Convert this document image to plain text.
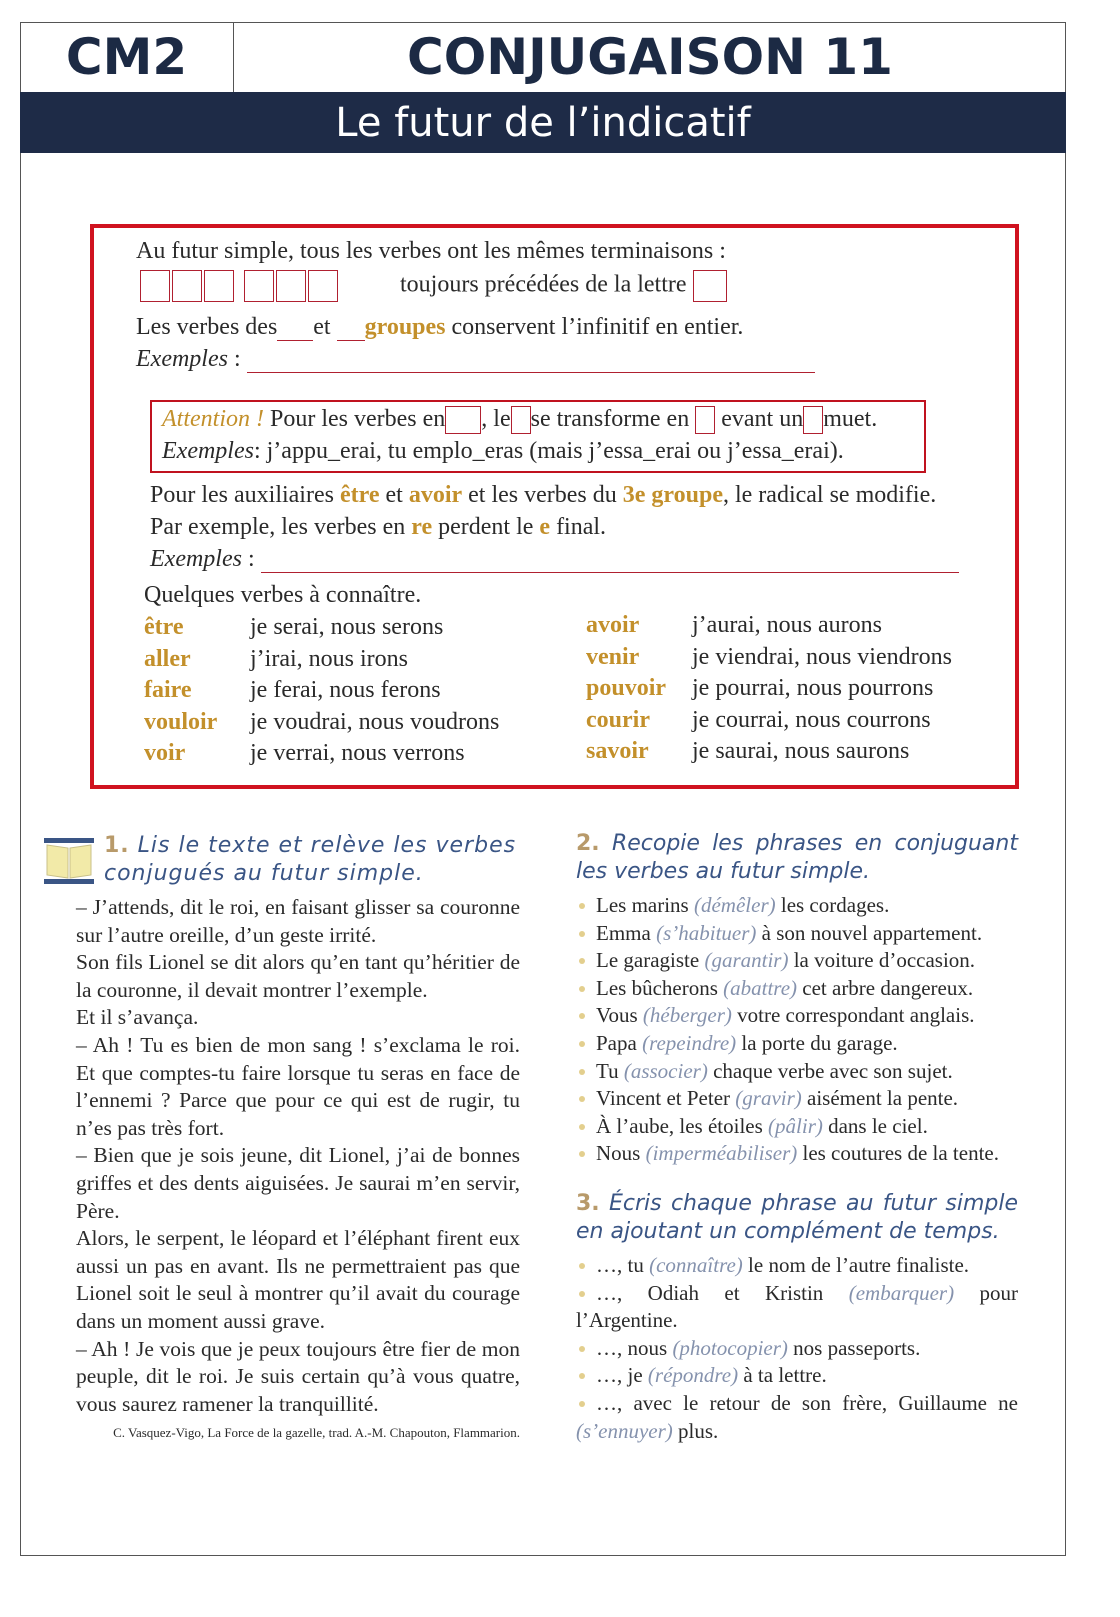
CM2	CONJUGAISON 11
Le futur de l’indicatif
Au futur simple, tous les verbes ont les mêmes terminaisons :
toujours précédées de la lettre
Les verbes des et groupes conservent l’infinitif en entier.
Exemples :
Attention ! Pour les verbes en , le se transforme en evant un muet.
Exemples: j’appu_erai, tu emplo_eras (mais j’essa_erai ou j’essa_erai).
Pour les auxiliaires être et avoir et les verbes du 3e groupe, le radical se modifie.
Par exemple, les verbes en re perdent le e final.
Exemples :
Quelques verbes à connaître.
être	je serai, nous serons
aller j’irai, nous irons
faire je ferai, nous ferons
vouloir je voudrai, nous voudrons
voir	je verrai, nous verrons
avoir j’aurai, nous aurons
venir je viendrai, nous viendrons
pouvoir je pourrai, nous pourrons
courir je courrai, nous courrons
savoir je saurai, nous saurons
1. Lis le texte et relève les verbes conjugués au futur simple.

– J’attends, dit le roi, en faisant glisser sa couronne sur l’autre oreille, d’un geste irrité.

Son fils Lionel se dit alors qu’en tant qu’héritier de la couronne, il devait montrer l’exemple.

Et il s’avança.

– Ah ! Tu es bien de mon sang ! s’exclama le roi. Et que comptes-tu faire lorsque tu seras en face de l’ennemi ? Parce que pour ce qui est de rugir, tu n’es pas très fort.

– Bien que je sois jeune, dit Lionel, j’ai de bonnes griffes et des dents aiguisées. Je saurai m’en servir, Père.

Alors, le serpent, le léopard et l’éléphant firent eux aussi un pas en avant. Ils ne permettraient pas que Lionel soit le seul à montrer qu’il avait du courage dans un moment aussi grave.

– Ah ! Je vois que je peux toujours être fier de mon peuple, dit le roi. Je suis certain qu’à vous quatre, vous saurez ramener la tranquillité.

C. Vasquez-Vigo, La Force de la gazelle, trad. A.-M. Chapouton, Flammarion.
2. Recopie les phrases en conjuguant les verbes au futur simple.
Les marins (démêler) les cordages.
Emma (s’habituer) à son nouvel appartement.
Le garagiste (garantir) la voiture d’occasion.
Les bûcherons (abattre) cet arbre dangereux.
Vous (héberger) votre correspondant anglais.
Papa (repeindre) la porte du garage.
Tu (associer) chaque verbe avec son sujet.
Vincent et Peter (gravir) aisément la pente.
À l’aube, les étoiles (pâlir) dans le ciel.
Nous (imperméabiliser) les coutures de la tente.
3. Écris chaque phrase au futur simple en ajoutant un complément de temps.
…, tu (connaître) le nom de l’autre finaliste.
…, Odiah et Kristin (embarquer) pour l’Argentine.
…, nous (photocopier) nos passeports.
…, je (répondre) à ta lettre.
…, avec le retour de son frère, Guillaume ne (s’ennuyer) plus.
